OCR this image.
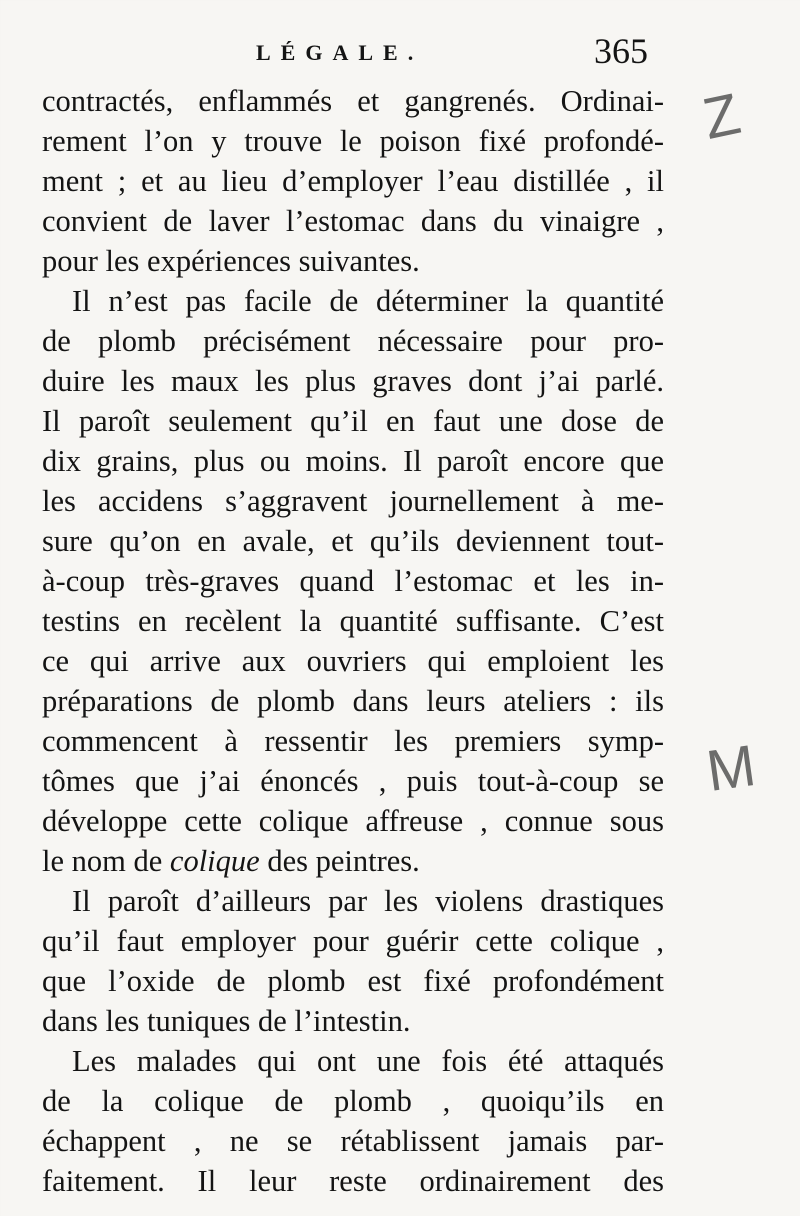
LÉGALE.	365
contractés, enflammés et gangrenés. Ordinai-
rement l’on y trouve le poison fixé profondé-
ment ; et au lieu d’employer l’eau distillée , il
convient de laver l’estomac dans du vinaigre ,
pour les expériences suivantes.
Il n’est pas facile de déterminer la quantité
de plomb précisément nécessaire pour pro-
duire les maux les plus graves dont j’ai parlé.
Il paroît seulement qu’il en faut une dose de
dix grains, plus ou moins. Il paroît encore que
les accidens s’aggravent journellement à me-
sure qu’on en avale, et qu’ils deviennent tout-
à-coup très-graves quand l’estomac et les in-
testins en recèlent la quantité suffisante. C’est
ce qui arrive aux ouvriers qui emploient les
préparations de plomb dans leurs ateliers : ils
commencent à ressentir les premiers symp-
tômes que j’ai énoncés , puis tout-à-coup se
développe cette colique affreuse , connue sous
le nom de colique des peintres.
Il paroît d’ailleurs par les violens drastiques
qu’il faut employer pour guérir cette colique ,
que l’oxide de plomb est fixé profondément
dans les tuniques de l’intestin.
Les malades qui ont une fois été attaqués
de la colique de plomb , quoiqu’ils en
échappent , ne se rétablissent jamais par-
faitement. Il leur reste ordinairement des
Z
M
